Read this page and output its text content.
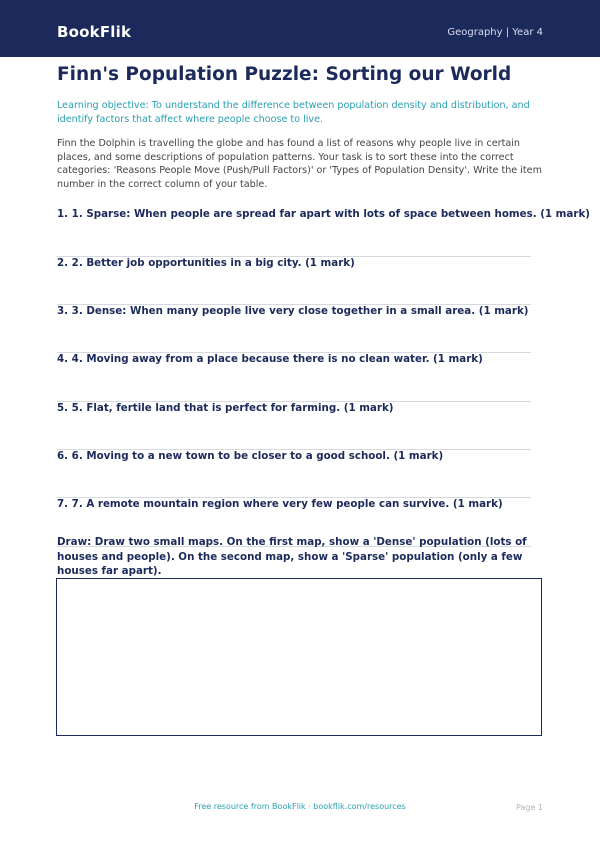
BookFlik	Geography | Year 4
Finn's Population Puzzle: Sorting our World

Learning objective: To understand the difference between population density and distribution, and identify factors that affect where people choose to live.

Finn the Dolphin is travelling the globe and has found a list of reasons why people live in certain places, and some descriptions of population patterns. Your task is to sort these into the correct categories: 'Reasons People Move (Push/Pull Factors)' or 'Types of Population Density'. Write the item number in the correct column of your table.

1. 1. Sparse: When people are spread far apart with lots of space between homes. (1 mark)
2. 2. Better job opportunities in a big city. (1 mark)
3. 3. Dense: When many people live very close together in a small area. (1 mark)
4. 4. Moving away from a place because there is no clean water. (1 mark)
5. 5. Flat, fertile land that is perfect for farming. (1 mark)
6. 6. Moving to a new town to be closer to a good school. (1 mark)
7. 7. A remote mountain region where very few people can survive. (1 mark)

Draw: Draw two small maps. On the first map, show a 'Dense' population (lots of houses and people). On the second map, show a 'Sparse' population (only a few houses far apart).

Free resource from BookFlik · bookflik.com/resources	Page 1
